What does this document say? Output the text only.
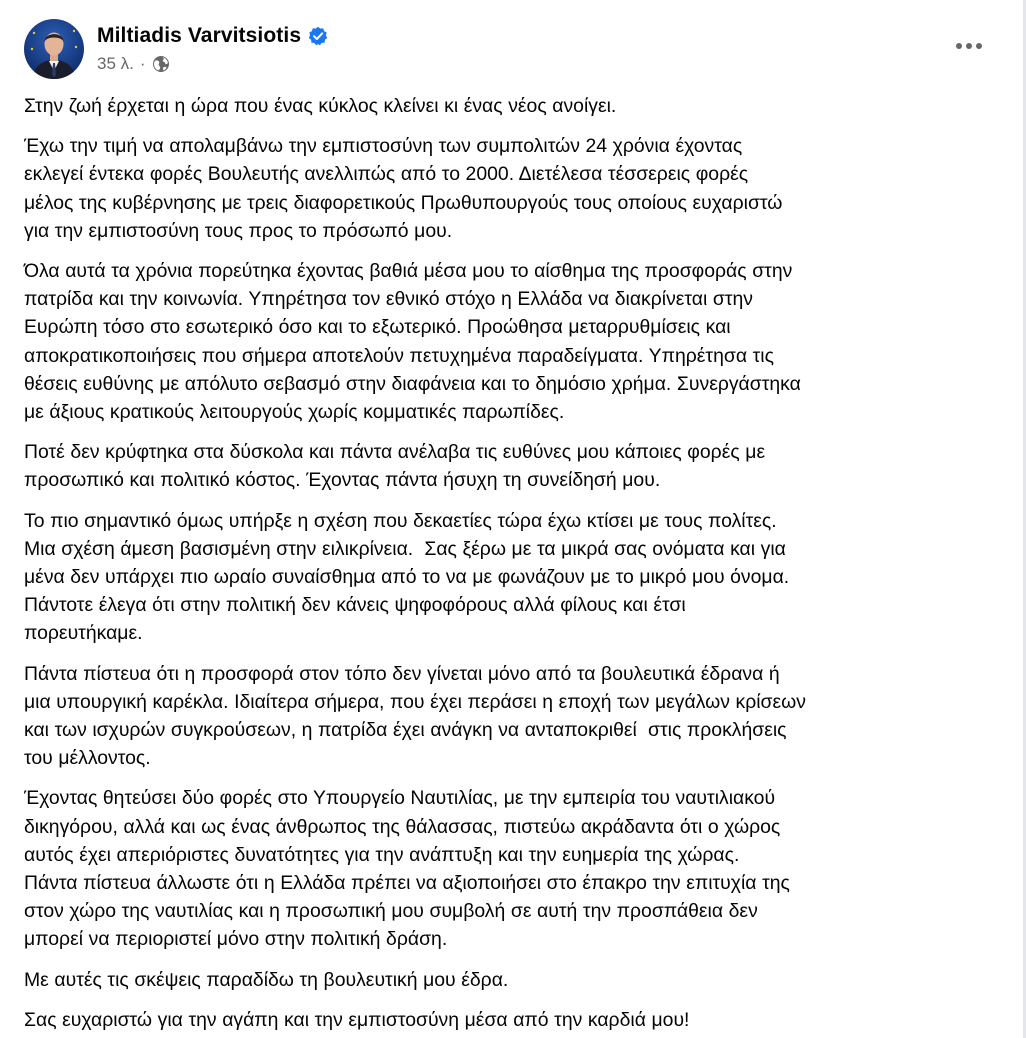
Miltiadis Varvitsiotis
35 λ. ·

Στην ζωή έρχεται η ώρα που ένας κύκλος κλείνει κι ένας νέος ανοίγει.

Έχω την τιμή να απολαμβάνω την εμπιστοσύνη των συμπολιτών 24 χρόνια έχοντας
εκλεγεί έντεκα φορές Βουλευτής ανελλιπώς από το 2000. Διετέλεσα τέσσερεις φορές
μέλος της κυβέρνησης με τρεις διαφορετικούς Πρωθυπουργούς τους οποίους ευχαριστώ
για την εμπιστοσύνη τους προς το πρόσωπό μου.

Όλα αυτά τα χρόνια πορεύτηκα έχοντας βαθιά μέσα μου το αίσθημα της προσφοράς στην
πατρίδα και την κοινωνία. Υπηρέτησα τον εθνικό στόχο η Ελλάδα να διακρίνεται στην
Ευρώπη τόσο στο εσωτερικό όσο και το εξωτερικό. Προώθησα μεταρρυθμίσεις και
αποκρατικοποιήσεις που σήμερα αποτελούν πετυχημένα παραδείγματα. Υπηρέτησα τις
θέσεις ευθύνης με απόλυτο σεβασμό στην διαφάνεια και το δημόσιο χρήμα. Συνεργάστηκα
με άξιους κρατικούς λειτουργούς χωρίς κομματικές παρωπίδες.

Ποτέ δεν κρύφτηκα στα δύσκολα και πάντα ανέλαβα τις ευθύνες μου κάποιες φορές με
προσωπικό και πολιτικό κόστος. Έχοντας πάντα ήσυχη τη συνείδησή μου.

Το πιο σημαντικό όμως υπήρξε η σχέση που δεκαετίες τώρα έχω κτίσει με τους πολίτες.
Μια σχέση άμεση βασισμένη στην ειλικρίνεια.  Σας ξέρω με τα μικρά σας ονόματα και για
μένα δεν υπάρχει πιο ωραίο συναίσθημα από το να με φωνάζουν με το μικρό μου όνομα.
Πάντοτε έλεγα ότι στην πολιτική δεν κάνεις ψηφοφόρους αλλά φίλους και έτσι
πορευτήκαμε.

Πάντα πίστευα ότι η προσφορά στον τόπο δεν γίνεται μόνο από τα βουλευτικά έδρανα ή
μια υπουργική καρέκλα. Ιδιαίτερα σήμερα, που έχει περάσει η εποχή των μεγάλων κρίσεων
και των ισχυρών συγκρούσεων, η πατρίδα έχει ανάγκη να ανταποκριθεί  στις προκλήσεις
του μέλλοντος.

Έχοντας θητεύσει δύο φορές στο Υπουργείο Ναυτιλίας, με την εμπειρία του ναυτιλιακού
δικηγόρου, αλλά και ως ένας άνθρωπος της θάλασσας, πιστεύω ακράδαντα ότι ο χώρος
αυτός έχει απεριόριστες δυνατότητες για την ανάπτυξη και την ευημερία της χώρας.
Πάντα πίστευα άλλωστε ότι η Ελλάδα πρέπει να αξιοποιήσει στο έπακρο την επιτυχία της
στον χώρο της ναυτιλίας και η προσωπική μου συμβολή σε αυτή την προσπάθεια δεν
μπορεί να περιοριστεί μόνο στην πολιτική δράση.

Με αυτές τις σκέψεις παραδίδω τη βουλευτική μου έδρα.

Σας ευχαριστώ για την αγάπη και την εμπιστοσύνη μέσα από την καρδιά μου!
